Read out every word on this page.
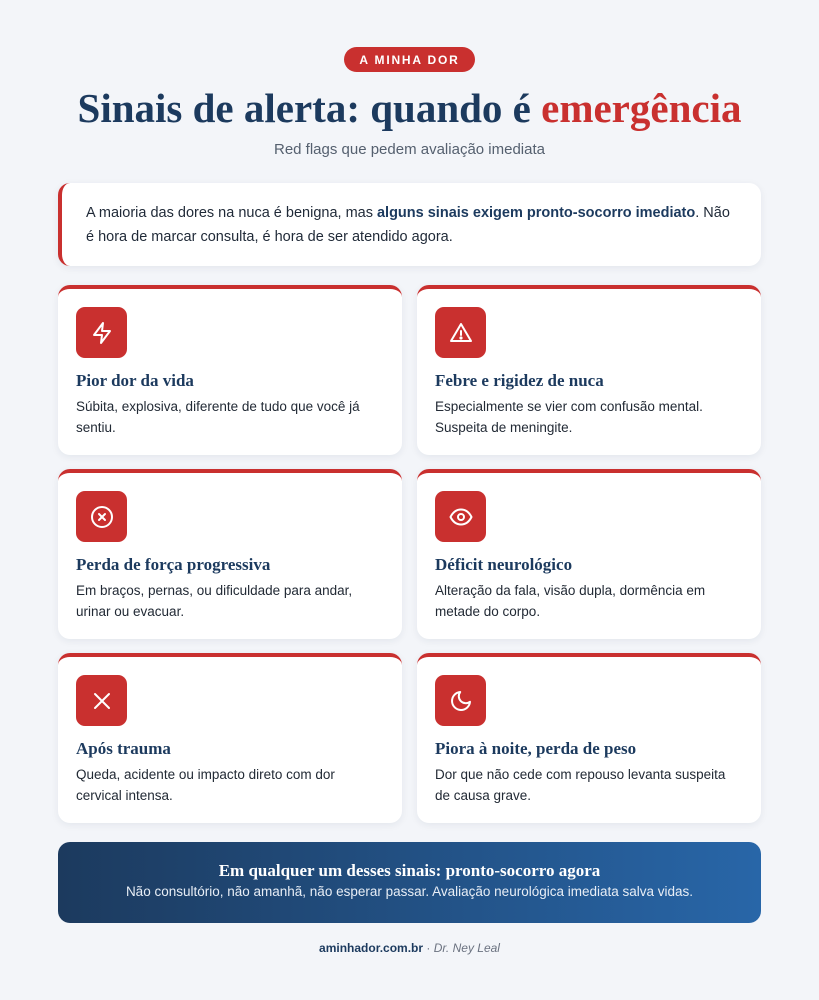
A MINHA DOR
Sinais de alerta: quando é emergência
Red flags que pedem avaliação imediata
A maioria das dores na nuca é benigna, mas alguns sinais exigem pronto-socorro imediato. Não é hora de marcar consulta, é hora de ser atendido agora.
Pior dor da vida
Súbita, explosiva, diferente de tudo que você já sentiu.
Febre e rigidez de nuca
Especialmente se vier com confusão mental. Suspeita de meningite.
Perda de força progressiva
Em braços, pernas, ou dificuldade para andar, urinar ou evacuar.
Déficit neurológico
Alteração da fala, visão dupla, dormência em metade do corpo.
Após trauma
Queda, acidente ou impacto direto com dor cervical intensa.
Piora à noite, perda de peso
Dor que não cede com repouso levanta suspeita de causa grave.
Em qualquer um desses sinais: pronto-socorro agora
Não consultório, não amanhã, não esperar passar. Avaliação neurológica imediata salva vidas.
aminhador.com.br · Dr. Ney Leal
